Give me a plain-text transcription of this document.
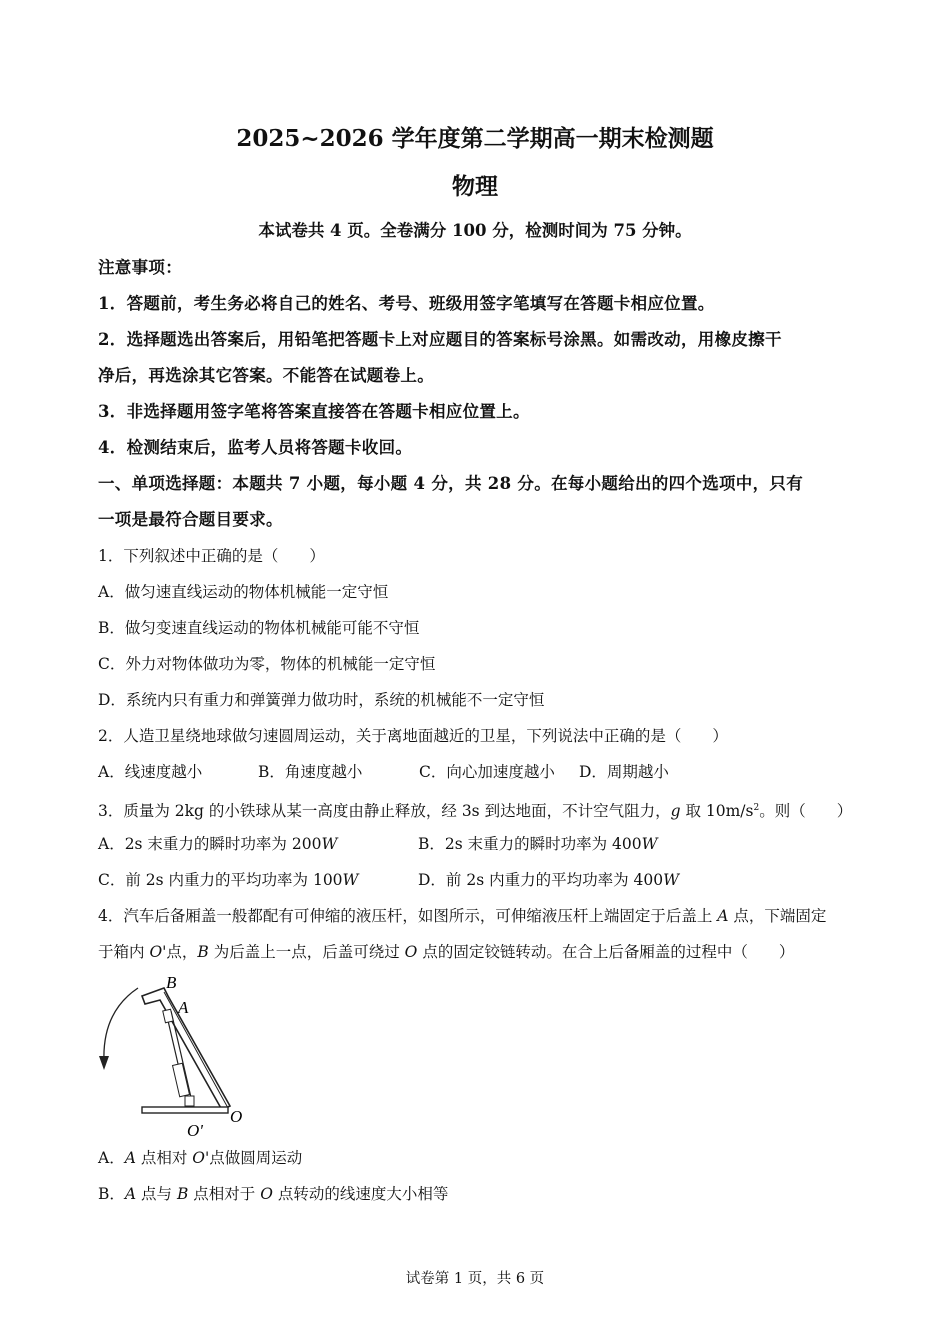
2025~2026 学年度第二学期高一期末检测题
物理
本试卷共 4 页。全卷满分 100 分，检测时间为 75 分钟。
注意事项：
1．答题前，考生务必将自己的姓名、考号、班级用签字笔填写在答题卡相应位置。
2．选择题选出答案后，用铅笔把答题卡上对应题目的答案标号涂黑。如需改动，用橡皮擦干
净后，再选涂其它答案。不能答在试题卷上。
3．非选择题用签字笔将答案直接答在答题卡相应位置上。
4．检测结束后，监考人员将答题卡收回。
一、单项选择题：本题共 7 小题，每小题 4 分，共 28 分。在每小题给出的四个选项中，只有
一项是最符合题目要求。
1．下列叙述中正确的是（　　）
A．做匀速直线运动的物体机械能一定守恒
B．做匀变速直线运动的物体机械能可能不守恒
C．外力对物体做功为零，物体的机械能一定守恒
D．系统内只有重力和弹簧弹力做功时，系统的机械能不一定守恒
2．人造卫星绕地球做匀速圆周运动，关于离地面越近的卫星，下列说法中正确的是（　　）
A．线速度越小	B．角速度越小	C．向心加速度越小 D．周期越小
3．质量为 2kg 的小铁球从某一高度由静止释放，经 3s 到达地面，不计空气阻力，g 取 $10m/s^2$。则（　　）
A．2s 末重力的瞬时功率为 200W	B．2s 末重力的瞬时功率为 400W
C．前 2s 内重力的平均功率为 100W	D．前 2s 内重力的平均功率为 400W
4．汽车后备厢盖一般都配有可伸缩的液压杆，如图所示，可伸缩液压杆上端固定于后盖上 A 点，下端固定
于箱内 O'点，B 为后盖上一点，后盖可绕过 O 点的固定铰链转动。在合上后备厢盖的过程中（　　）
B
A
O
O'
A．A 点相对 O'点做圆周运动
B．A 点与 B 点相对于 O 点转动的线速度大小相等
试卷第 1 页，共 6 页
